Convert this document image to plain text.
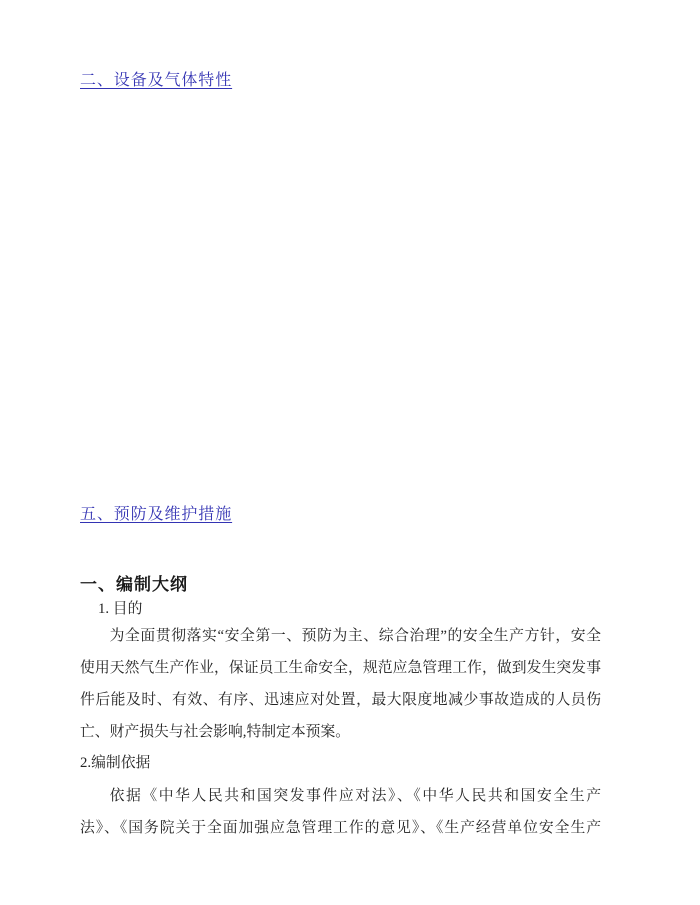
二、设备及气体特性
五、预防及维护措施
一、编制大纲
1. 目的
为全面贯彻落实“安全第一、预防为主、综合治理”的安全生产方针，安全
使用天然气生产作业，保证员工生命安全，规范应急管理工作，做到发生突发事
件后能及时、有效、有序、迅速应对处置，最大限度地减少事故造成的人员伤
亡、财产损失与社会影响,特制定本预案。
2.编制依据
依据《中华人民共和国突发事件应对法》、《中华人民共和国安全生产
法》、《国务院关于全面加强应急管理工作的意见》、《生产经营单位安全生产
